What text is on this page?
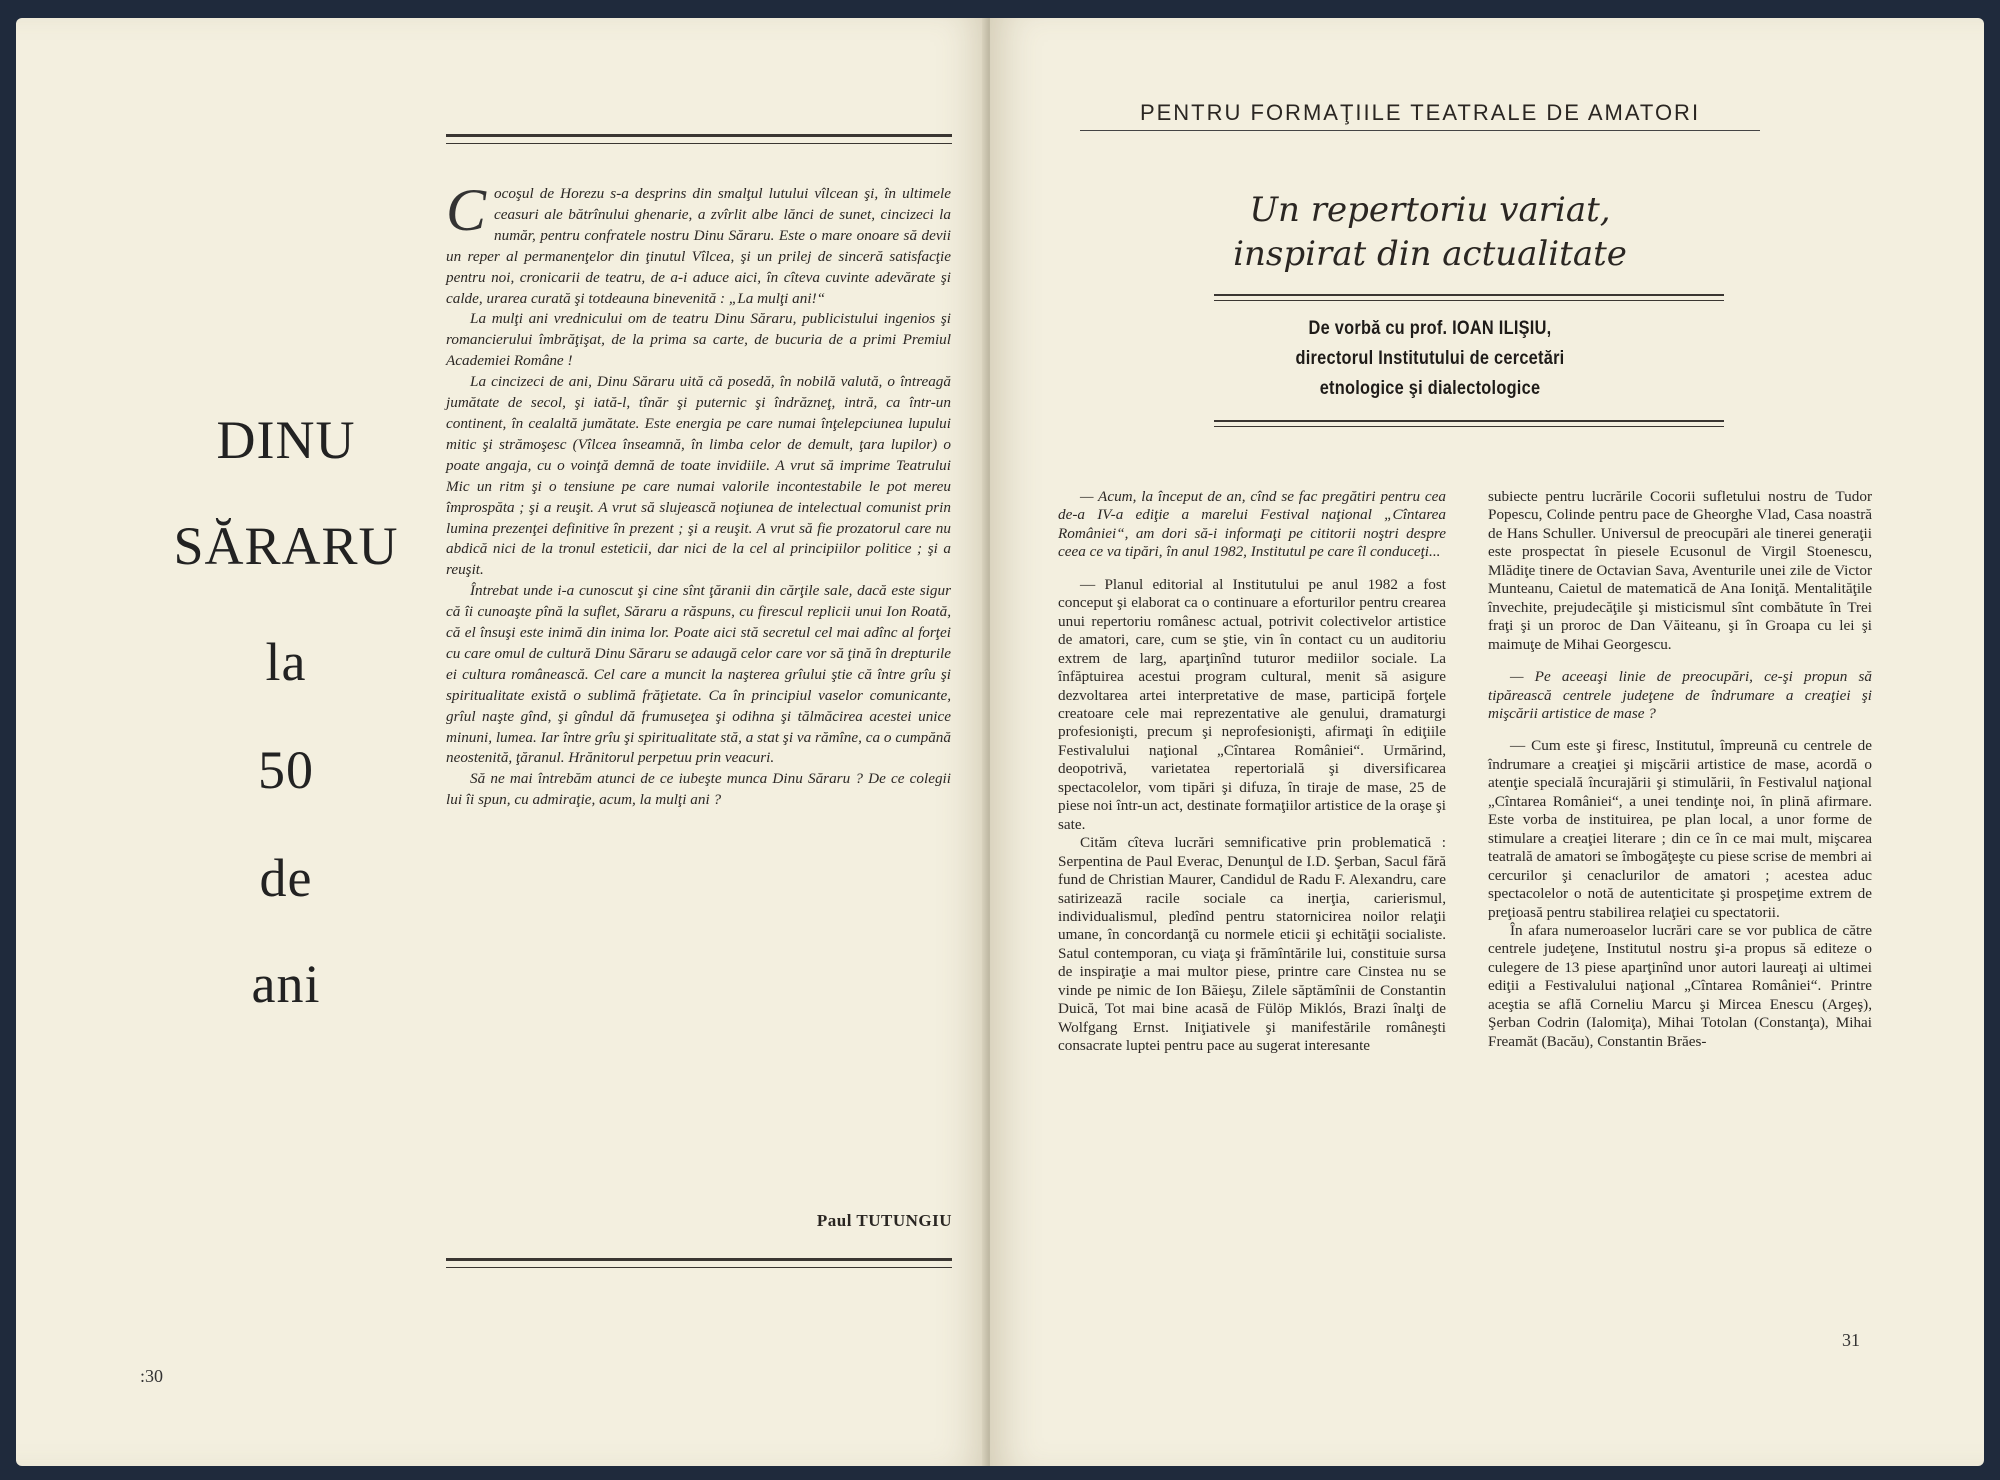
DINU
SĂRARU
la
50
de
ani

Cocoşul de Horezu s-a desprins din smalţul lutului vîlcean şi, în ultimele ceasuri ale bătrînului ghenarie, a zvîrlit albe lănci de sunet, cincizeci la număr, pentru confratele nostru Dinu Săraru. Este o mare onoare să devii un reper al permanenţelor din ţinutul Vîlcea, şi un prilej de sinceră satisfacţie pentru noi, cronicarii de teatru, de a-i aduce aici, în cîteva cuvinte adevărate şi calde, urarea curată şi totdeauna binevenită : „La mulţi ani!“

La mulţi ani vrednicului om de teatru Dinu Săraru, publicistului ingenios şi romancierului îmbrăţişat, de la prima sa carte, de bucuria de a primi Premiul Academiei Române !

La cincizeci de ani, Dinu Săraru uită că posedă, în nobilă valută, o întreagă jumătate de secol, şi iată-l, tînăr şi puternic şi îndrăzneţ, intră, ca într-un continent, în cealaltă jumătate. Este energia pe care numai înţelepciunea lupului mitic şi strămoşesc (Vîlcea înseamnă, în limba celor de demult, ţara lupilor) o poate angaja, cu o voinţă demnă de toate invidiile. A vrut să imprime Teatrului Mic un ritm şi o tensiune pe care numai valorile incontestabile le pot mereu împrospăta ; şi a reuşit. A vrut să slujească noţiunea de intelectual comunist prin lumina prezenţei definitive în prezent ; şi a reuşit. A vrut să fie prozatorul care nu abdică nici de la tronul esteticii, dar nici de la cel al principiilor politice ; şi a reuşit.

Întrebat unde i-a cunoscut şi cine sînt ţăranii din cărţile sale, dacă este sigur că îi cunoaşte pînă la suflet, Săraru a răspuns, cu firescul replicii unui Ion Roată, că el însuşi este inimă din inima lor. Poate aici stă secretul cel mai adînc al forţei cu care omul de cultură Dinu Săraru se adaugă celor care vor să ţină în drepturile ei cultura românească. Cel care a muncit la naşterea grîului ştie că între grîu şi spiritualitate există o sublimă frăţietate. Ca în principiul vaselor comunicante, grîul naşte gînd, şi gîndul dă frumuseţea şi odihna şi tălmăcirea acestei unice minuni, lumea. Iar între grîu şi spiritualitate stă, a stat şi va rămîne, ca o cumpănă neostenită, ţăranul. Hrănitorul perpetuu prin veacuri.

Să ne mai întrebăm atunci de ce iubeşte munca Dinu Săraru ? De ce colegii lui îi spun, cu admiraţie, acum, la mulţi ani ?

Paul TUTUNGIU
:30
PENTRU FORMAŢIILE TEATRALE DE AMATORI
Un repertoriu variat,
inspirat din actualitate
De vorbă cu prof. IOAN ILIŞIU,
directorul Institutului de cercetări
etnologice şi dialectologice

— Acum, la început de an, cînd se fac pregătiri pentru cea de-a IV-a ediţie a marelui Festival naţional „Cîntarea României“, am dori să-i informaţi pe cititorii noştri despre ceea ce va tipări, în anul 1982, Institutul pe care îl conduceţi...

— Planul editorial al Institutului pe anul 1982 a fost conceput şi elaborat ca o continuare a eforturilor pentru crearea unui repertoriu românesc actual, potrivit colectivelor artistice de amatori, care, cum se ştie, vin în contact cu un auditoriu extrem de larg, aparţinînd tuturor mediilor sociale. La înfăptuirea acestui program cultural, menit să asigure dezvoltarea artei interpretative de mase, participă forţele creatoare cele mai reprezentative ale genului, dramaturgi profesionişti, precum şi neprofesionişti, afirmaţi în ediţiile Festivalului naţional „Cîntarea României“. Urmărind, deopotrivă, varietatea repertorială şi diversificarea spectacolelor, vom tipări şi difuza, în tiraje de mase, 25 de piese noi într-un act, destinate formaţiilor artistice de la oraşe şi sate.

Cităm cîteva lucrări semnificative prin problematică : Serpentina de Paul Everac, Denunţul de I.D. Şerban, Sacul fără fund de Christian Maurer, Candidul de Radu F. Alexandru, care satirizează racile sociale ca inerţia, carierismul, individualismul, pledînd pentru statornicirea noilor relaţii umane, în concordanţă cu normele eticii şi echităţii socialiste. Satul contemporan, cu viaţa şi frămîntările lui, constituie sursa de inspiraţie a mai multor piese, printre care Cinstea nu se vinde pe nimic de Ion Băieşu, Zilele săptămînii de Constantin Duică, Tot mai bine acasă de Fülöp Miklós, Brazi înalţi de Wolfgang Ernst. Iniţiativele şi manifestările româneşti consacrate luptei pentru pace au sugerat interesante

subiecte pentru lucrările Cocorii sufletului nostru de Tudor Popescu, Colinde pentru pace de Gheorghe Vlad, Casa noastră de Hans Schuller. Universul de preocupări ale tinerei generaţii este prospectat în piesele Ecusonul de Virgil Stoenescu, Mlădiţe tinere de Octavian Sava, Aventurile unei zile de Victor Munteanu, Caietul de matematică de Ana Ioniţă. Mentalităţile învechite, prejudecăţile şi misticismul sînt combătute în Trei fraţi şi un proroc de Dan Văiteanu, şi în Groapa cu lei şi maimuţe de Mihai Georgescu.

— Pe aceeaşi linie de preocupări, ce-şi propun să tipărească centrele judeţene de îndrumare a creaţiei şi mişcării artistice de mase ?

— Cum este şi firesc, Institutul, împreună cu centrele de îndrumare a creaţiei şi mişcării artistice de mase, acordă o atenţie specială încurajării şi stimulării, în Festivalul naţional „Cîntarea României“, a unei tendinţe noi, în plină afirmare. Este vorba de instituirea, pe plan local, a unor forme de stimulare a creaţiei literare ; din ce în ce mai mult, mişcarea teatrală de amatori se îmbogăţeşte cu piese scrise de membri ai cercurilor şi cenaclurilor de amatori ; acestea aduc spectacolelor o notă de autenticitate şi prospeţime extrem de preţioasă pentru stabilirea relaţiei cu spectatorii.

În afara numeroaselor lucrări care se vor publica de către centrele judeţene, Institutul nostru şi-a propus să editeze o culegere de 13 piese aparţinînd unor autori laureaţi ai ultimei ediţii a Festivalului naţional „Cîntarea României“. Printre aceştia se află Corneliu Marcu şi Mircea Enescu (Argeş), Şerban Codrin (Ialomiţa), Mihai Totolan (Constanţa), Mihai Freamăt (Bacău), Constantin Brăes-

31
